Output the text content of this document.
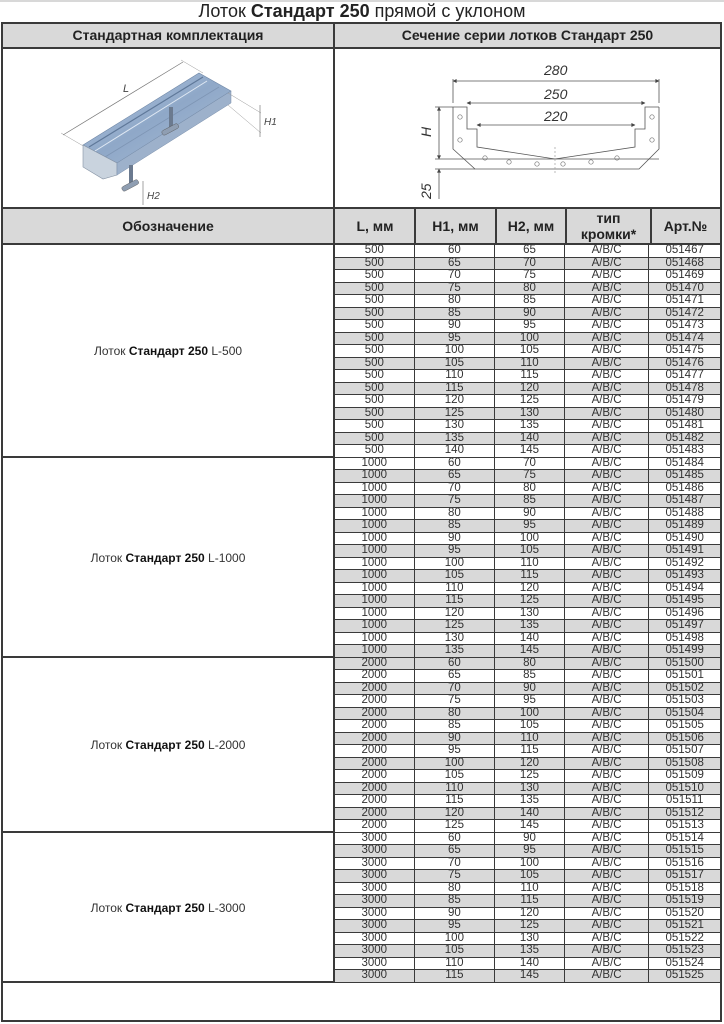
Лоток Стандарт 250 прямой с уклоном
Стандартная комплектация	Сечение серии лотков Стандарт 250
L
H1
H2
280
250
220
H
25
Обозначение	L, мм	H1, мм	H2, мм	тип кромки*	Арт.№
Лоток Стандарт 250 L-500
500	60	65	A/B/C	051467
500	65	70	A/B/C	051468
500	70	75	A/B/C	051469
500	75	80	A/B/C	051470
500	80	85	A/B/C	051471
500	85	90	A/B/C	051472
500	90	95	A/B/C	051473
500	95	100	A/B/C	051474
500	100	105	A/B/C	051475
500	105	110	A/B/C	051476
500	110	115	A/B/C	051477
500	115	120	A/B/C	051478
500	120	125	A/B/C	051479
500	125	130	A/B/C	051480
500	130	135	A/B/C	051481
500	135	140	A/B/C	051482
500	140	145	A/B/C	051483
Лоток Стандарт 250 L-1000
1000	60	70	A/B/C	051484
1000	65	75	A/B/C	051485
1000	70	80	A/B/C	051486
1000	75	85	A/B/C	051487
1000	80	90	A/B/C	051488
1000	85	95	A/B/C	051489
1000	90	100	A/B/C	051490
1000	95	105	A/B/C	051491
1000	100	110	A/B/C	051492
1000	105	115	A/B/C	051493
1000	110	120	A/B/C	051494
1000	115	125	A/B/C	051495
1000	120	130	A/B/C	051496
1000	125	135	A/B/C	051497
1000	130	140	A/B/C	051498
1000	135	145	A/B/C	051499
Лоток Стандарт 250 L-2000
2000	60	80	A/B/C	051500
2000	65	85	A/B/C	051501
2000	70	90	A/B/C	051502
2000	75	95	A/B/C	051503
2000	80	100	A/B/C	051504
2000	85	105	A/B/C	051505
2000	90	110	A/B/C	051506
2000	95	115	A/B/C	051507
2000	100	120	A/B/C	051508
2000	105	125	A/B/C	051509
2000	110	130	A/B/C	051510
2000	115	135	A/B/C	051511
2000	120	140	A/B/C	051512
2000	125	145	A/B/C	051513
Лоток Стандарт 250 L-3000
3000	60	90	A/B/C	051514
3000	65	95	A/B/C	051515
3000	70	100	A/B/C	051516
3000	75	105	A/B/C	051517
3000	80	110	A/B/C	051518
3000	85	115	A/B/C	051519
3000	90	120	A/B/C	051520
3000	95	125	A/B/C	051521
3000	100	130	A/B/C	051522
3000	105	135	A/B/C	051523
3000	110	140	A/B/C	051524
3000	115	145	A/B/C	051525
